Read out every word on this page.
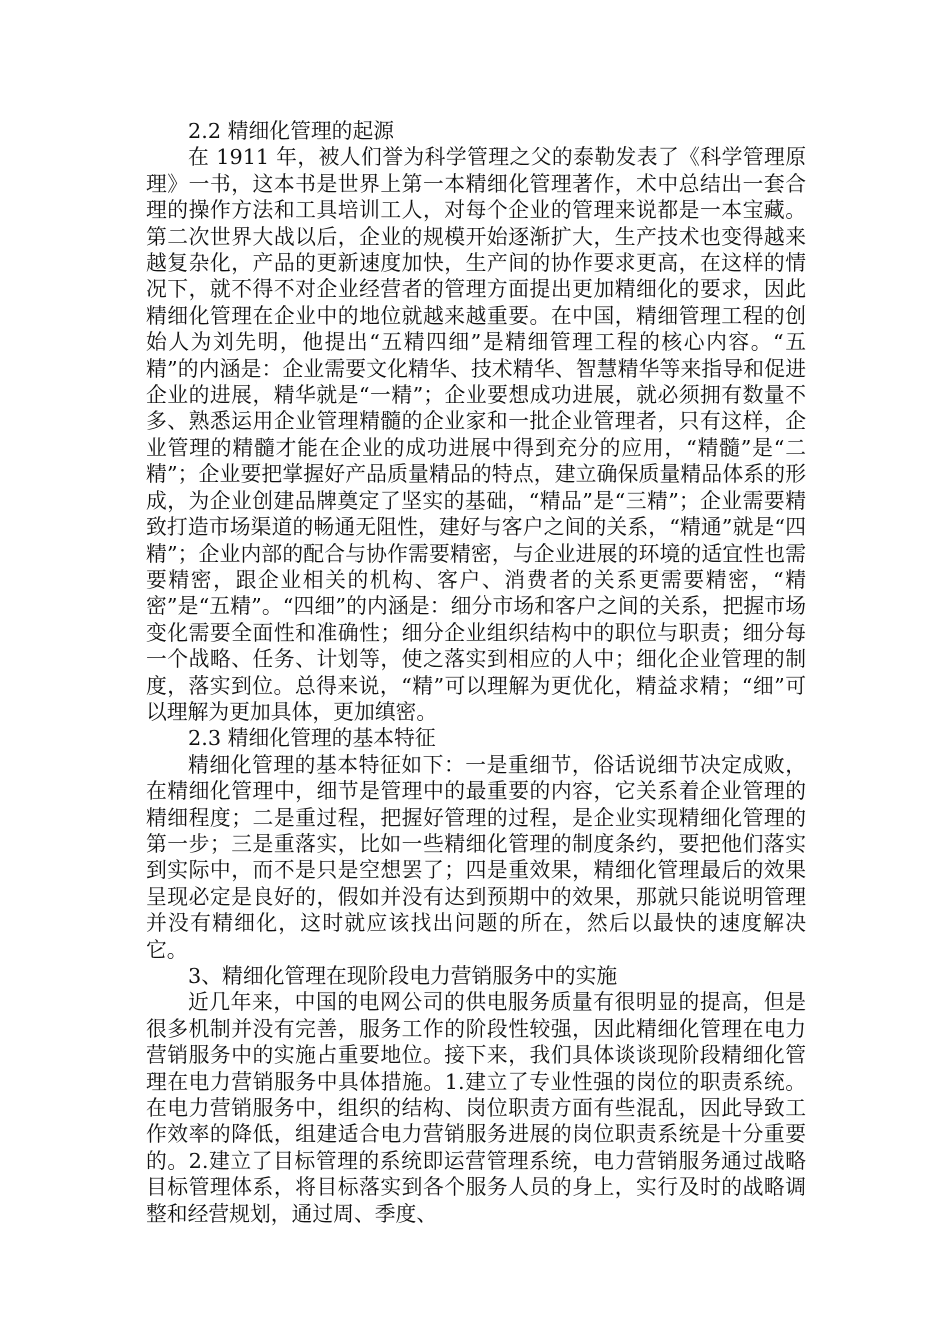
2.2 精细化管理的起源

在 1911 年，被人们誉为科学管理之父的泰勒发表了《科学管理原理》一书，这本书是世界上第一本精细化管理著作，术中总结出一套合理的操作方法和工具培训工人，对每个企业的管理来说都是一本宝藏。第二次世界大战以后，企业的规模开始逐渐扩大，生产技术也变得越来越复杂化，产品的更新速度加快，生产间的协作要求更高，在这样的情况下，就不得不对企业经营者的管理方面提出更加精细化的要求，因此精细化管理在企业中的地位就越来越重要。在中国，精细管理工程的创始人为刘先明，他提出“五精四细”是精细管理工程的核心内容。“五精”的内涵是：企业需要文化精华、技术精华、智慧精华等来指导和促进企业的进展，精华就是“一精”；企业要想成功进展，就必须拥有数量不多、熟悉运用企业管理精髓的企业家和一批企业管理者，只有这样，企业管理的精髓才能在企业的成功进展中得到充分的应用，“精髓”是“二精”；企业要把掌握好产品质量精品的特点，建立确保质量精品体系的形成，为企业创建品牌奠定了坚实的基础，“精品”是“三精”；企业需要精致打造市场渠道的畅通无阻性，建好与客户之间的关系，“精通”就是“四精”；企业内部的配合与协作需要精密，与企业进展的环境的适宜性也需要精密，跟企业相关的机构、客户、消费者的关系更需要精密，“精密”是“五精”。“四细”的内涵是：细分市场和客户之间的关系，把握市场变化需要全面性和准确性；细分企业组织结构中的职位与职责；细分每一个战略、任务、计划等，使之落实到相应的人中；细化企业管理的制度，落实到位。总得来说，“精”可以理解为更优化，精益求精；“细”可以理解为更加具体，更加缜密。

2.3 精细化管理的基本特征

精细化管理的基本特征如下：一是重细节，俗话说细节决定成败，在精细化管理中，细节是管理中的最重要的内容，它关系着企业管理的精细程度；二是重过程，把握好管理的过程，是企业实现精细化管理的第一步；三是重落实，比如一些精细化管理的制度条约，要把他们落实到实际中，而不是只是空想罢了；四是重效果，精细化管理最后的效果呈现必定是良好的，假如并没有达到预期中的效果，那就只能说明管理并没有精细化，这时就应该找出问题的所在，然后以最快的速度解决它。

3、精细化管理在现阶段电力营销服务中的实施

近几年来，中国的电网公司的供电服务质量有很明显的提高，但是很多机制并没有完善，服务工作的阶段性较强，因此精细化管理在电力营销服务中的实施占重要地位。接下来，我们具体谈谈现阶段精细化管理在电力营销服务中具体措施。1.建立了专业性强的岗位的职责系统。在电力营销服务中，组织的结构、岗位职责方面有些混乱，因此导致工作效率的降低，组建适合电力营销服务进展的岗位职责系统是十分重要的。2.建立了目标管理的系统即运营管理系统，电力营销服务通过战略目标管理体系，将目标落实到各个服务人员的身上，实行及时的战略调整和经营规划，通过周、季度、
